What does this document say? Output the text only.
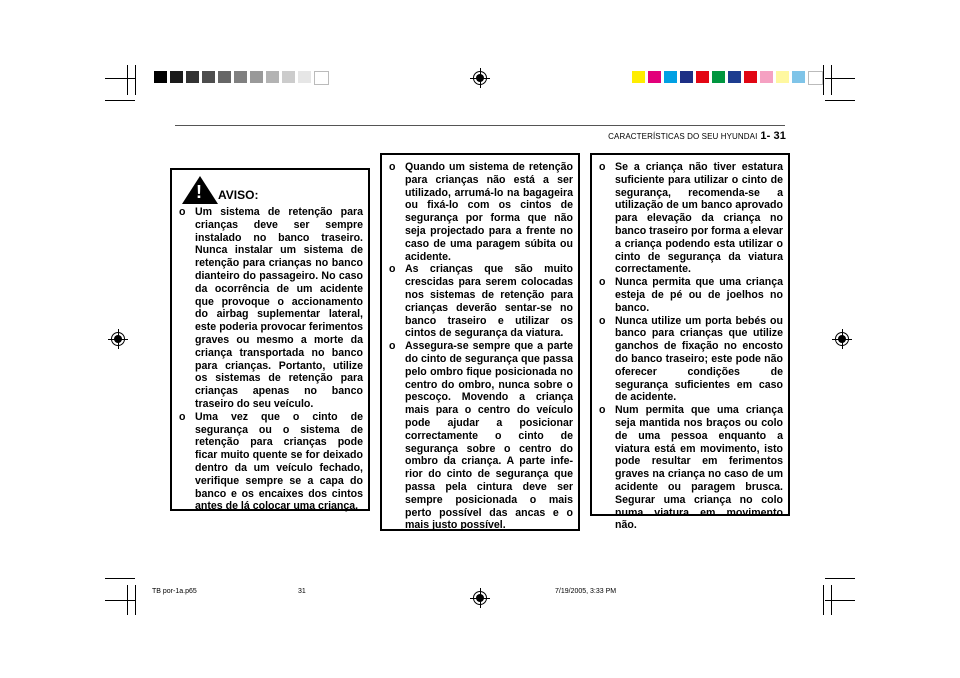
CARACTERÍSTICAS DO SEU HYUNDAI 1- 31
! AVISO:
o Um sistema de retenção para crianças deve ser sempre instalado no banco traseiro. Nunca instalar um sistema de retenção para crianças no banco dianteiro do passageiro. No caso da ocorrência de um acidente que provoque o accionamento do airbag suplementar lateral, este poderia provocar ferimentos graves ou mesmo a morte da criança transportada no banco para crianças. Portanto, utilize os sistemas de retenção para crianças apenas no banco traseiro do seu veículo.
o Uma vez que o cinto de segurança ou o sistema de retenção para crianças pode ficar muito quente se for deixado dentro da um veículo fechado, verifique sempre se a capa do banco e os encaixes dos cintos antes de lá colocar uma criança.
o Quando um sistema de retenção para crianças não está a ser utilizado, arrumá-lo na bagageira ou fixá-lo com os cintos de segurança por forma que não seja projectado para a frente no caso de uma paragem súbita ou acidente.
o As crianças que são muito crescidas para serem colocadas nos sistemas de retenção para crianças deverão sentar-se no banco traseiro e utilizar os cintos de segurança da viatura.
o Assegura-se sempre que a parte do cinto de segurança que passa pelo ombro fique posicionada no centro do ombro, nunca sobre o pescoço. Movendo a criança mais para o centro do veículo pode ajudar a posicionar correctamente o cinto de segurança sobre o centro do ombro da criança. A parte infe-rior do cinto de segurança que passa pela cintura deve ser sempre posicionada o mais perto possível das ancas e o mais justo possível.
o Se a criança não tiver estatura suficiente para utilizar o cinto de segurança, recomenda-se a utilização de um banco aprovado para elevação da criança no banco traseiro por forma a elevar a criança podendo esta utilizar o cinto de segurança da viatura correctamente.
o Nunca permita que uma criança esteja de pé ou de joelhos no banco.
o Nunca utilize um porta bebés ou banco para crianças que utilize ganchos de fixação no encosto do banco traseiro; este pode não oferecer condições de segurança suficientes em caso de acidente.
o Num permita que uma criança seja mantida nos braços ou colo de uma pessoa enquanto a viatura está em movimento, isto pode resultar em ferimentos graves na criança no caso de um acidente ou paragem brusca. Segurar uma criança no colo numa viatura em movimento não.
TB por-1a.p65	31	7/19/2005, 3:33 PM
